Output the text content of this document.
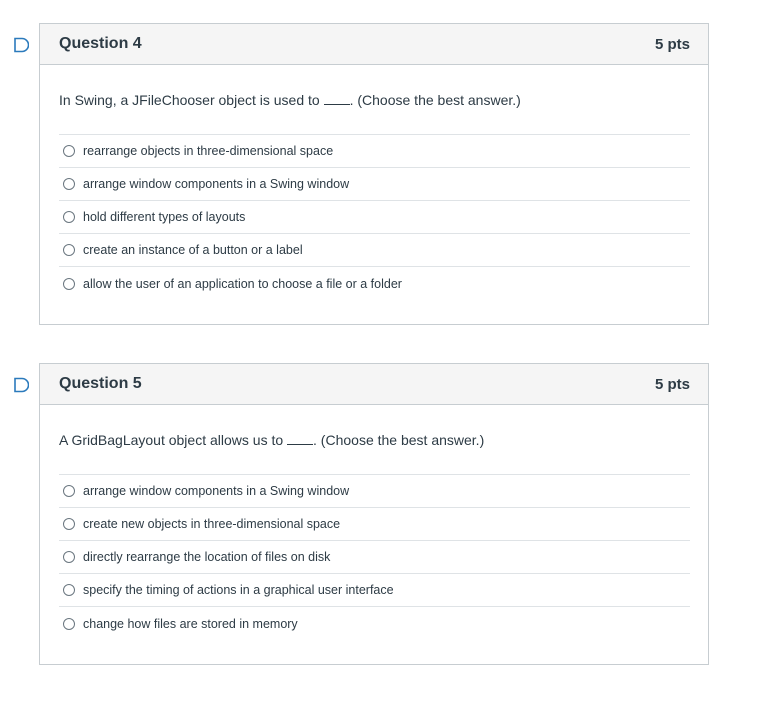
Question 4	5 pts
In Swing, a JFileChooser object is used to . (Choose the best answer.)
rearrange objects in three-dimensional space
arrange window components in a Swing window
hold different types of layouts
create an instance of a button or a label
allow the user of an application to choose a file or a folder
Question 5	5 pts
A GridBagLayout object allows us to . (Choose the best answer.)
arrange window components in a Swing window
create new objects in three-dimensional space
directly rearrange the location of files on disk
specify the timing of actions in a graphical user interface
change how files are stored in memory
